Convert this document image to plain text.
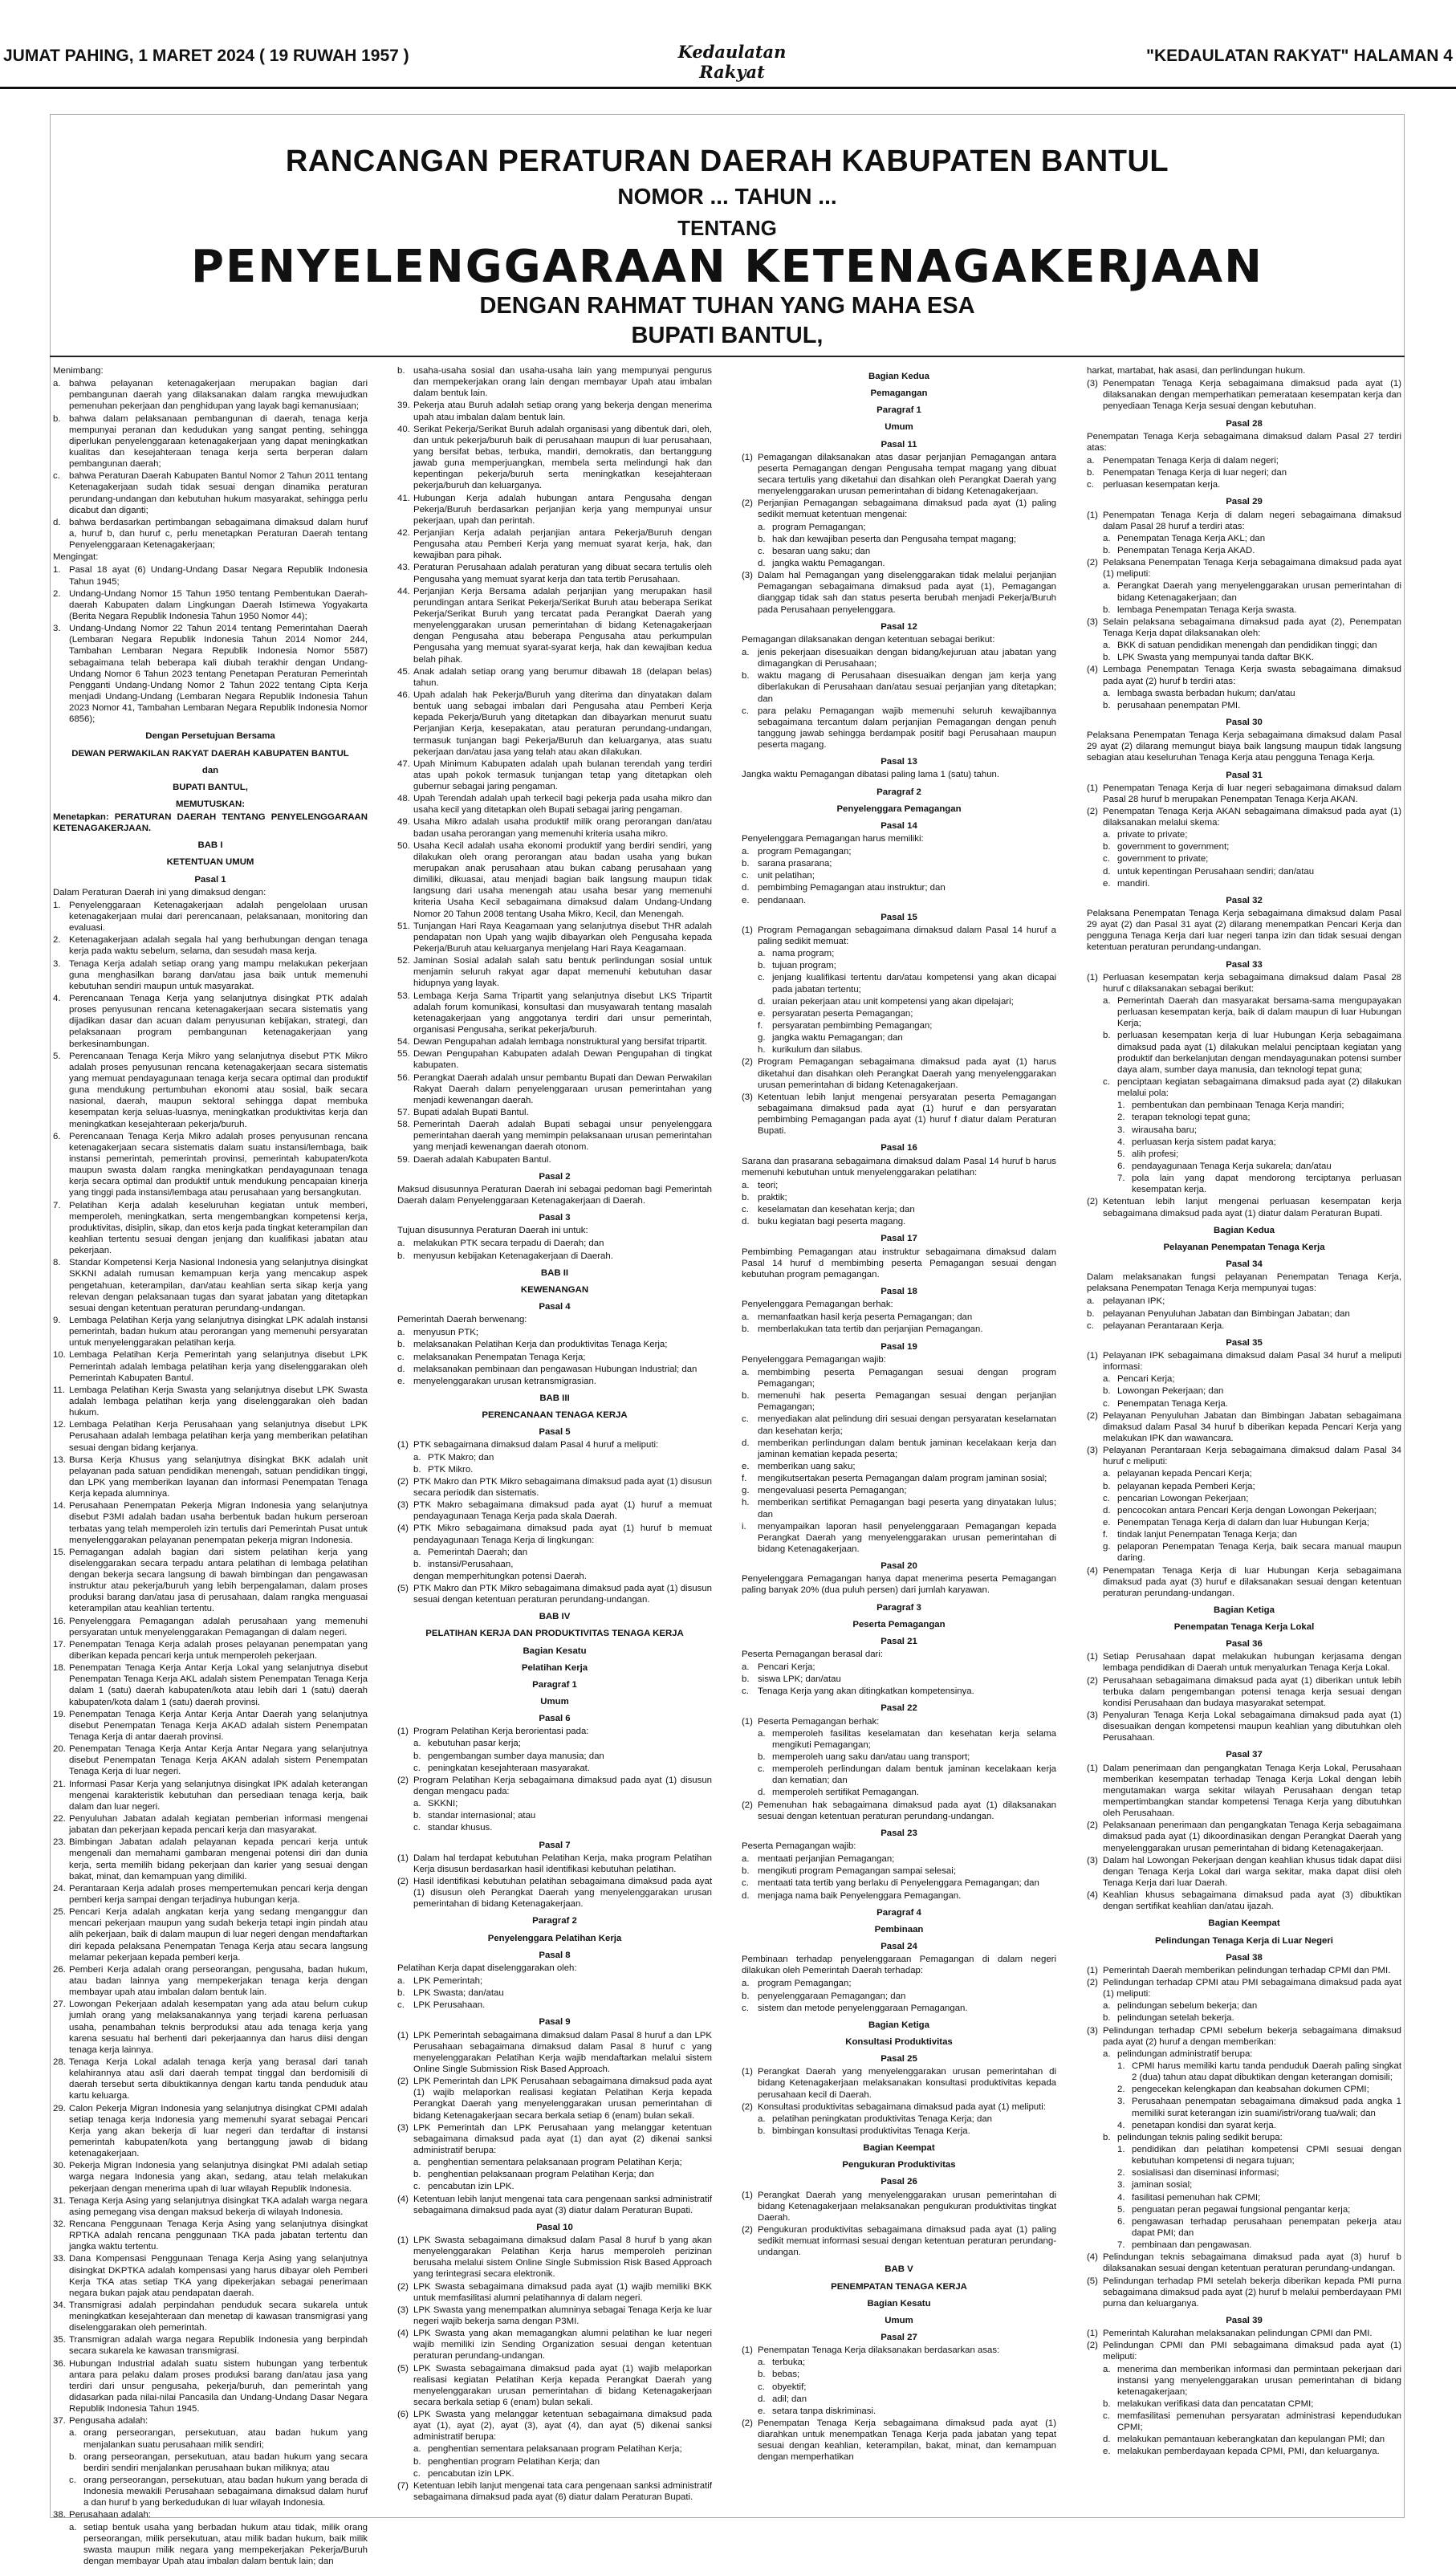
JUMAT PAHING, 1 MARET 2024 ( 19 RUWAH 1957 )	Kedaulatan Rakyat
"KEDAULATAN RAKYAT" HALAMAN 4
RANCANGAN PERATURAN DAERAH KABUPATEN BANTUL
NOMOR ... TAHUN ...
TENTANG
PENYELENGGARAAN KETENAGAKERJAAN
DENGAN RAHMAT TUHAN YANG MAHA ESA
BUPATI BANTUL,

Menimbang:

a. bahwa pelayanan ketenagakerjaan merupakan bagian dari pembangunan daerah yang dilaksanakan dalam rangka mewujudkan pemenuhan pekerjaan dan penghidupan yang layak bagi kemanusiaan;

b. bahwa dalam pelaksanaan pembangunan di daerah, tenaga kerja mempunyai peranan dan kedudukan yang sangat penting, sehingga diperlukan penyelenggaraan ketenagakerjaan yang dapat meningkatkan kualitas dan kesejahteraan tenaga kerja serta berperan dalam pembangunan daerah;

c. bahwa Peraturan Daerah Kabupaten Bantul Nomor 2 Tahun 2011 tentang Ketenagakerjaan sudah tidak sesuai dengan dinamika peraturan perundang-undangan dan kebutuhan hukum masyarakat, sehingga perlu dicabut dan diganti;

d. bahwa berdasarkan pertimbangan sebagaimana dimaksud dalam huruf a, huruf b, dan huruf c, perlu menetapkan Peraturan Daerah tentang Penyelenggaraan Ketenagakerjaan;

Mengingat:

1. Pasal 18 ayat (6) Undang-Undang Dasar Negara Republik Indonesia Tahun 1945;

2. Undang-Undang Nomor 15 Tahun 1950 tentang Pembentukan Daerah-daerah Kabupaten dalam Lingkungan Daerah Istimewa Yogyakarta (Berita Negara Republik Indonesia Tahun 1950 Nomor 44);

3. Undang-Undang Nomor 22 Tahun 2014 tentang Pemerintahan Daerah (Lembaran Negara Republik Indonesia Tahun 2014 Nomor 244, Tambahan Lembaran Negara Republik Indonesia Nomor 5587) sebagaimana telah beberapa kali diubah terakhir dengan Undang-Undang Nomor 6 Tahun 2023 tentang Penetapan Peraturan Pemerintah Pengganti Undang-Undang Nomor 2 Tahun 2022 tentang Cipta Kerja menjadi Undang-Undang (Lembaran Negara Republik Indonesia Tahun 2023 Nomor 41, Tambahan Lembaran Negara Republik Indonesia Nomor 6856);

Dengan Persetujuan Bersama

DEWAN PERWAKILAN RAKYAT DAERAH KABUPATEN BANTUL

dan

BUPATI BANTUL,

MEMUTUSKAN:

Menetapkan: PERATURAN DAERAH TENTANG PENYELENGGARAAN KETENAGAKERJAAN.

BAB I

KETENTUAN UMUM

Pasal 1

Dalam Peraturan Daerah ini yang dimaksud dengan:

1. Penyelenggaraan Ketenagakerjaan adalah pengelolaan urusan ketenagakerjaan mulai dari perencanaan, pelaksanaan, monitoring dan evaluasi.

2. Ketenagakerjaan adalah segala hal yang berhubungan dengan tenaga kerja pada waktu sebelum, selama, dan sesudah masa kerja.

3. Tenaga Kerja adalah setiap orang yang mampu melakukan pekerjaan guna menghasilkan barang dan/atau jasa baik untuk memenuhi kebutuhan sendiri maupun untuk masyarakat.

4. Perencanaan Tenaga Kerja yang selanjutnya disingkat PTK adalah proses penyusunan rencana ketenagakerjaan secara sistematis yang dijadikan dasar dan acuan dalam penyusunan kebijakan, strategi, dan pelaksanaan program pembangunan ketenagakerjaan yang berkesinambungan.

5. Perencanaan Tenaga Kerja Mikro yang selanjutnya disebut PTK Mikro adalah proses penyusunan rencana ketenagakerjaan secara sistematis yang memuat pendayagunaan tenaga kerja secara optimal dan produktif guna mendukung pertumbuhan ekonomi atau sosial, baik secara nasional, daerah, maupun sektoral sehingga dapat membuka kesempatan kerja seluas-luasnya, meningkatkan produktivitas kerja dan meningkatkan kesejahteraan pekerja/buruh.

6. Perencanaan Tenaga Kerja Mikro adalah proses penyusunan rencana ketenagakerjaan secara sistematis dalam suatu instansi/lembaga, baik instansi pemerintah, pemerintah provinsi, pemerintah kabupaten/kota maupun swasta dalam rangka meningkatkan pendayagunaan tenaga kerja secara optimal dan produktif untuk mendukung pencapaian kinerja yang tinggi pada instansi/lembaga atau perusahaan yang bersangkutan.

7. Pelatihan Kerja adalah keseluruhan kegiatan untuk memberi, memperoleh, meningkatkan, serta mengembangkan kompetensi kerja, produktivitas, disiplin, sikap, dan etos kerja pada tingkat keterampilan dan keahlian tertentu sesuai dengan jenjang dan kualifikasi jabatan atau pekerjaan.

8. Standar Kompetensi Kerja Nasional Indonesia yang selanjutnya disingkat SKKNI adalah rumusan kemampuan kerja yang mencakup aspek pengetahuan, keterampilan, dan/atau keahlian serta sikap kerja yang relevan dengan pelaksanaan tugas dan syarat jabatan yang ditetapkan sesuai dengan ketentuan peraturan perundang-undangan.

9. Lembaga Pelatihan Kerja yang selanjutnya disingkat LPK adalah instansi pemerintah, badan hukum atau perorangan yang memenuhi persyaratan untuk menyelenggarakan pelatihan kerja.

10. Lembaga Pelatihan Kerja Pemerintah yang selanjutnya disebut LPK Pemerintah adalah lembaga pelatihan kerja yang diselenggarakan oleh Pemerintah Kabupaten Bantul.

11. Lembaga Pelatihan Kerja Swasta yang selanjutnya disebut LPK Swasta adalah lembaga pelatihan kerja yang diselenggarakan oleh badan hukum.

12. Lembaga Pelatihan Kerja Perusahaan yang selanjutnya disebut LPK Perusahaan adalah lembaga pelatihan kerja yang memberikan pelatihan sesuai dengan bidang kerjanya.

13. Bursa Kerja Khusus yang selanjutnya disingkat BKK adalah unit pelayanan pada satuan pendidikan menengah, satuan pendidikan tinggi, dan LPK yang memberikan layanan dan informasi Penempatan Tenaga Kerja kepada alumninya.

14. Perusahaan Penempatan Pekerja Migran Indonesia yang selanjutnya disebut P3MI adalah badan usaha berbentuk badan hukum perseroan terbatas yang telah memperoleh izin tertulis dari Pemerintah Pusat untuk menyelenggarakan pelayanan penempatan pekerja migran Indonesia.

15. Pemagangan adalah bagian dari sistem pelatihan kerja yang diselenggarakan secara terpadu antara pelatihan di lembaga pelatihan dengan bekerja secara langsung di bawah bimbingan dan pengawasan instruktur atau pekerja/buruh yang lebih berpengalaman, dalam proses produksi barang dan/atau jasa di perusahaan, dalam rangka menguasai keterampilan atau keahlian tertentu.

16. Penyelenggara Pemagangan adalah perusahaan yang memenuhi persyaratan untuk menyelenggarakan Pemagangan di dalam negeri.

17. Penempatan Tenaga Kerja adalah proses pelayanan penempatan yang diberikan kepada pencari kerja untuk memperoleh pekerjaan.

18. Penempatan Tenaga Kerja Antar Kerja Lokal yang selanjutnya disebut Penempatan Tenaga Kerja AKL adalah sistem Penempatan Tenaga Kerja dalam 1 (satu) daerah kabupaten/kota atau lebih dari 1 (satu) daerah kabupaten/kota dalam 1 (satu) daerah provinsi.

19. Penempatan Tenaga Kerja Antar Kerja Antar Daerah yang selanjutnya disebut Penempatan Tenaga Kerja AKAD adalah sistem Penempatan Tenaga Kerja di antar daerah provinsi.

20. Penempatan Tenaga Kerja Antar Kerja Antar Negara yang selanjutnya disebut Penempatan Tenaga Kerja AKAN adalah sistem Penempatan Tenaga Kerja di luar negeri.

21. Informasi Pasar Kerja yang selanjutnya disingkat IPK adalah keterangan mengenai karakteristik kebutuhan dan persediaan tenaga kerja, baik dalam dan luar negeri.

22. Penyuluhan Jabatan adalah kegiatan pemberian informasi mengenai jabatan dan pekerjaan kepada pencari kerja dan masyarakat.

23. Bimbingan Jabatan adalah pelayanan kepada pencari kerja untuk mengenali dan memahami gambaran mengenai potensi diri dan dunia kerja, serta memilih bidang pekerjaan dan karier yang sesuai dengan bakat, minat, dan kemampuan yang dimiliki.

24. Perantaraan Kerja adalah proses mempertemukan pencari kerja dengan pemberi kerja sampai dengan terjadinya hubungan kerja.

25. Pencari Kerja adalah angkatan kerja yang sedang menganggur dan mencari pekerjaan maupun yang sudah bekerja tetapi ingin pindah atau alih pekerjaan, baik di dalam maupun di luar negeri dengan mendaftarkan diri kepada pelaksana Penempatan Tenaga Kerja atau secara langsung melamar pekerjaan kepada pemberi kerja.

26. Pemberi Kerja adalah orang perseorangan, pengusaha, badan hukum, atau badan lainnya yang mempekerjakan tenaga kerja dengan membayar upah atau imbalan dalam bentuk lain.

27. Lowongan Pekerjaan adalah kesempatan yang ada atau belum cukup jumlah orang yang melaksanakannya yang terjadi karena perluasan usaha, penambahan teknis berproduksi atau ada tenaga kerja yang karena sesuatu hal berhenti dari pekerjaannya dan harus diisi dengan tenaga kerja lainnya.

28. Tenaga Kerja Lokal adalah tenaga kerja yang berasal dari tanah kelahirannya atau asli dari daerah tempat tinggal dan berdomisili di daerah tersebut serta dibuktikannya dengan kartu tanda penduduk atau kartu keluarga.

29. Calon Pekerja Migran Indonesia yang selanjutnya disingkat CPMI adalah setiap tenaga kerja Indonesia yang memenuhi syarat sebagai Pencari Kerja yang akan bekerja di luar negeri dan terdaftar di instansi pemerintah kabupaten/kota yang bertanggung jawab di bidang ketenagakerjaan.

30. Pekerja Migran Indonesia yang selanjutnya disingkat PMI adalah setiap warga negara Indonesia yang akan, sedang, atau telah melakukan pekerjaan dengan menerima upah di luar wilayah Republik Indonesia.

31. Tenaga Kerja Asing yang selanjutnya disingkat TKA adalah warga negara asing pemegang visa dengan maksud bekerja di wilayah Indonesia.

32. Rencana Penggunaan Tenaga Kerja Asing yang selanjutnya disingkat RPTKA adalah rencana penggunaan TKA pada jabatan tertentu dan jangka waktu tertentu.

33. Dana Kompensasi Penggunaan Tenaga Kerja Asing yang selanjutnya disingkat DKPTKA adalah kompensasi yang harus dibayar oleh Pemberi Kerja TKA atas setiap TKA yang dipekerjakan sebagai penerimaan negara bukan pajak atau pendapatan daerah.

34. Transmigrasi adalah perpindahan penduduk secara sukarela untuk meningkatkan kesejahteraan dan menetap di kawasan transmigrasi yang diselenggarakan oleh pemerintah.

35. Transmigran adalah warga negara Republik Indonesia yang berpindah secara sukarela ke kawasan transmigrasi.

36. Hubungan Industrial adalah suatu sistem hubungan yang terbentuk antara para pelaku dalam proses produksi barang dan/atau jasa yang terdiri dari unsur pengusaha, pekerja/buruh, dan pemerintah yang didasarkan pada nilai-nilai Pancasila dan Undang-Undang Dasar Negara Republik Indonesia Tahun 1945.

37. Pengusaha adalah:

a. orang perseorangan, persekutuan, atau badan hukum yang menjalankan suatu perusahaan milik sendiri;

b. orang perseorangan, persekutuan, atau badan hukum yang secara berdiri sendiri menjalankan perusahaan bukan miliknya; atau

c. orang perseorangan, persekutuan, atau badan hukum yang berada di Indonesia mewakili Perusahaan sebagaimana dimaksud dalam huruf a dan huruf b yang berkedudukan di luar wilayah Indonesia.

38. Perusahaan adalah:

a. setiap bentuk usaha yang berbadan hukum atau tidak, milik orang perseorangan, milik persekutuan, atau milik badan hukum, baik milik swasta maupun milik negara yang mempekerjakan Pekerja/Buruh dengan membayar Upah atau imbalan dalam bentuk lain; dan

b. usaha-usaha sosial dan usaha-usaha lain yang mempunyai pengurus dan mempekerjakan orang lain dengan membayar Upah atau imbalan dalam bentuk lain.

39. Pekerja atau Buruh adalah setiap orang yang bekerja dengan menerima upah atau imbalan dalam bentuk lain.

40. Serikat Pekerja/Serikat Buruh adalah organisasi yang dibentuk dari, oleh, dan untuk pekerja/buruh baik di perusahaan maupun di luar perusahaan, yang bersifat bebas, terbuka, mandiri, demokratis, dan bertanggung jawab guna memperjuangkan, membela serta melindungi hak dan kepentingan pekerja/buruh serta meningkatkan kesejahteraan pekerja/buruh dan keluarganya.

41. Hubungan Kerja adalah hubungan antara Pengusaha dengan Pekerja/Buruh berdasarkan perjanjian kerja yang mempunyai unsur pekerjaan, upah dan perintah.

42. Perjanjian Kerja adalah perjanjian antara Pekerja/Buruh dengan Pengusaha atau Pemberi Kerja yang memuat syarat kerja, hak, dan kewajiban para pihak.

43. Peraturan Perusahaan adalah peraturan yang dibuat secara tertulis oleh Pengusaha yang memuat syarat kerja dan tata tertib Perusahaan.

44. Perjanjian Kerja Bersama adalah perjanjian yang merupakan hasil perundingan antara Serikat Pekerja/Serikat Buruh atau beberapa Serikat Pekerja/Serikat Buruh yang tercatat pada Perangkat Daerah yang menyelenggarakan urusan pemerintahan di bidang Ketenagakerjaan dengan Pengusaha atau beberapa Pengusaha atau perkumpulan Pengusaha yang memuat syarat-syarat kerja, hak dan kewajiban kedua belah pihak.

45. Anak adalah setiap orang yang berumur dibawah 18 (delapan belas) tahun.

46. Upah adalah hak Pekerja/Buruh yang diterima dan dinyatakan dalam bentuk uang sebagai imbalan dari Pengusaha atau Pemberi Kerja kepada Pekerja/Buruh yang ditetapkan dan dibayarkan menurut suatu Perjanjian Kerja, kesepakatan, atau peraturan perundang-undangan, termasuk tunjangan bagi Pekerja/Buruh dan keluarganya, atas suatu pekerjaan dan/atau jasa yang telah atau akan dilakukan.

47. Upah Minimum Kabupaten adalah upah bulanan terendah yang terdiri atas upah pokok termasuk tunjangan tetap yang ditetapkan oleh gubernur sebagai jaring pengaman.

48. Upah Terendah adalah upah terkecil bagi pekerja pada usaha mikro dan usaha kecil yang ditetapkan oleh Bupati sebagai jaring pengaman.

49. Usaha Mikro adalah usaha produktif milik orang perorangan dan/atau badan usaha perorangan yang memenuhi kriteria usaha mikro.

50. Usaha Kecil adalah usaha ekonomi produktif yang berdiri sendiri, yang dilakukan oleh orang perorangan atau badan usaha yang bukan merupakan anak perusahaan atau bukan cabang perusahaan yang dimiliki, dikuasai, atau menjadi bagian baik langsung maupun tidak langsung dari usaha menengah atau usaha besar yang memenuhi kriteria Usaha Kecil sebagaimana dimaksud dalam Undang-Undang Nomor 20 Tahun 2008 tentang Usaha Mikro, Kecil, dan Menengah.

51. Tunjangan Hari Raya Keagamaan yang selanjutnya disebut THR adalah pendapatan non Upah yang wajib dibayarkan oleh Pengusaha kepada Pekerja/Buruh atau keluarganya menjelang Hari Raya Keagamaan.

52. Jaminan Sosial adalah salah satu bentuk perlindungan sosial untuk menjamin seluruh rakyat agar dapat memenuhi kebutuhan dasar hidupnya yang layak.

53. Lembaga Kerja Sama Tripartit yang selanjutnya disebut LKS Tripartit adalah forum komunikasi, konsultasi dan musyawarah tentang masalah ketenagakerjaan yang anggotanya terdiri dari unsur pemerintah, organisasi Pengusaha, serikat pekerja/buruh.

54. Dewan Pengupahan adalah lembaga nonstruktural yang bersifat tripartit.

55. Dewan Pengupahan Kabupaten adalah Dewan Pengupahan di tingkat kabupaten.

56. Perangkat Daerah adalah unsur pembantu Bupati dan Dewan Perwakilan Rakyat Daerah dalam penyelenggaraan urusan pemerintahan yang menjadi kewenangan daerah.

57. Bupati adalah Bupati Bantul.

58. Pemerintah Daerah adalah Bupati sebagai unsur penyelenggara pemerintahan daerah yang memimpin pelaksanaan urusan pemerintahan yang menjadi kewenangan daerah otonom.

59. Daerah adalah Kabupaten Bantul.

Pasal 2

Maksud disusunnya Peraturan Daerah ini sebagai pedoman bagi Pemerintah Daerah dalam Penyelenggaraan Ketenagakerjaan di Daerah.

Pasal 3

Tujuan disusunnya Peraturan Daerah ini untuk:

a. melakukan PTK secara terpadu di Daerah; dan

b. menyusun kebijakan Ketenagakerjaan di Daerah.

BAB II

KEWENANGAN

Pasal 4

Pemerintah Daerah berwenang:

a. menyusun PTK;

b. melaksanakan Pelatihan Kerja dan produktivitas Tenaga Kerja;

c. melaksanakan Penempatan Tenaga Kerja;

d. melaksanakan pembinaan dan pengawasan Hubungan Industrial; dan

e. menyelenggarakan urusan ketransmigrasian.

BAB III

PERENCANAAN TENAGA KERJA

Pasal 5

(1) PTK sebagaimana dimaksud dalam Pasal 4 huruf a meliputi:

a. PTK Makro; dan

b. PTK Mikro.

(2) PTK Makro dan PTK Mikro sebagaimana dimaksud pada ayat (1) disusun secara periodik dan sistematis.

(3) PTK Makro sebagaimana dimaksud pada ayat (1) huruf a memuat pendayagunaan Tenaga Kerja pada skala Daerah.

(4) PTK Mikro sebagaimana dimaksud pada ayat (1) huruf b memuat pendayagunaan Tenaga Kerja di lingkungan:

a. Pemerintah Daerah; dan

b. instansi/Perusahaan,

dengan memperhitungkan potensi Daerah.

(5) PTK Makro dan PTK Mikro sebagaimana dimaksud pada ayat (1) disusun sesuai dengan ketentuan peraturan perundang-undangan.

BAB IV

PELATIHAN KERJA DAN PRODUKTIVITAS TENAGA KERJA

Bagian Kesatu

Pelatihan Kerja

Paragraf 1

Umum

Pasal 6

(1) Program Pelatihan Kerja berorientasi pada:

a. kebutuhan pasar kerja;

b. pengembangan sumber daya manusia; dan

c. peningkatan kesejahteraan masyarakat.

(2) Program Pelatihan Kerja sebagaimana dimaksud pada ayat (1) disusun dengan mengacu pada:

a. SKKNI;

b. standar internasional; atau

c. standar khusus.

Pasal 7

(1) Dalam hal terdapat kebutuhan Pelatihan Kerja, maka program Pelatihan Kerja disusun berdasarkan hasil identifikasi kebutuhan pelatihan.

(2) Hasil identifikasi kebutuhan pelatihan sebagaimana dimaksud pada ayat (1) disusun oleh Perangkat Daerah yang menyelenggarakan urusan pemerintahan di bidang Ketenagakerjaan.

Paragraf 2

Penyelenggara Pelatihan Kerja

Pasal 8

Pelatihan Kerja dapat diselenggarakan oleh:

a. LPK Pemerintah;

b. LPK Swasta; dan/atau

c. LPK Perusahaan.

Pasal 9

(1) LPK Pemerintah sebagaimana dimaksud dalam Pasal 8 huruf a dan LPK Perusahaan sebagaimana dimaksud dalam Pasal 8 huruf c yang menyelenggarakan Pelatihan Kerja wajib mendaftarkan melalui sistem Online Single Submission Risk Based Approach.

(2) LPK Pemerintah dan LPK Perusahaan sebagaimana dimaksud pada ayat (1) wajib melaporkan realisasi kegiatan Pelatihan Kerja kepada Perangkat Daerah yang menyelenggarakan urusan pemerintahan di bidang Ketenagakerjaan secara berkala setiap 6 (enam) bulan sekali.

(3) LPK Pemerintah dan LPK Perusahaan yang melanggar ketentuan sebagaimana dimaksud pada ayat (1) dan ayat (2) dikenai sanksi administratif berupa:

a. penghentian sementara pelaksanaan program Pelatihan Kerja;

b. penghentian pelaksanaan program Pelatihan Kerja; dan

c. pencabutan izin LPK.

(4) Ketentuan lebih lanjut mengenai tata cara pengenaan sanksi administratif sebagaimana dimaksud pada ayat (3) diatur dalam Peraturan Bupati.

Pasal 10

(1) LPK Swasta sebagaimana dimaksud dalam Pasal 8 huruf b yang akan menyelenggarakan Pelatihan Kerja harus memperoleh perizinan berusaha melalui sistem Online Single Submission Risk Based Approach yang terintegrasi secara elektronik.

(2) LPK Swasta sebagaimana dimaksud pada ayat (1) wajib memiliki BKK untuk memfasilitasi alumni pelatihannya di dalam negeri.

(3) LPK Swasta yang menempatkan alumninya sebagai Tenaga Kerja ke luar negeri wajib bekerja sama dengan P3MI.

(4) LPK Swasta yang akan memagangkan alumni pelatihan ke luar negeri wajib memiliki izin Sending Organization sesuai dengan ketentuan peraturan perundang-undangan.

(5) LPK Swasta sebagaimana dimaksud pada ayat (1) wajib melaporkan realisasi kegiatan Pelatihan Kerja kepada Perangkat Daerah yang menyelenggarakan urusan pemerintahan di bidang Ketenagakerjaan secara berkala setiap 6 (enam) bulan sekali.

(6) LPK Swasta yang melanggar ketentuan sebagaimana dimaksud pada ayat (1), ayat (2), ayat (3), ayat (4), dan ayat (5) dikenai sanksi administratif berupa:

a. penghentian sementara pelaksanaan program Pelatihan Kerja;

b. penghentian program Pelatihan Kerja; dan

c. pencabutan izin LPK.

(7) Ketentuan lebih lanjut mengenai tata cara pengenaan sanksi administratif sebagaimana dimaksud pada ayat (6) diatur dalam Peraturan Bupati.

Bagian Kedua

Pemagangan

Paragraf 1

Umum

Pasal 11

(1) Pemagangan dilaksanakan atas dasar perjanjian Pemagangan antara peserta Pemagangan dengan Pengusaha tempat magang yang dibuat secara tertulis yang diketahui dan disahkan oleh Perangkat Daerah yang menyelenggarakan urusan pemerintahan di bidang Ketenagakerjaan.

(2) Perjanjian Pemagangan sebagaimana dimaksud pada ayat (1) paling sedikit memuat ketentuan mengenai:

a. program Pemagangan;

b. hak dan kewajiban peserta dan Pengusaha tempat magang;

c. besaran uang saku; dan

d. jangka waktu Pemagangan.

(3) Dalam hal Pemagangan yang diselenggarakan tidak melalui perjanjian Pemagangan sebagaimana dimaksud pada ayat (1), Pemagangan dianggap tidak sah dan status peserta berubah menjadi Pekerja/Buruh pada Perusahaan penyelenggara.

Pasal 12

Pemagangan dilaksanakan dengan ketentuan sebagai berikut:

a. jenis pekerjaan disesuaikan dengan bidang/kejuruan atau jabatan yang dimagangkan di Perusahaan;

b. waktu magang di Perusahaan disesuaikan dengan jam kerja yang diberlakukan di Perusahaan dan/atau sesuai perjanjian yang ditetapkan; dan

c. para pelaku Pemagangan wajib memenuhi seluruh kewajibannya sebagaimana tercantum dalam perjanjian Pemagangan dengan penuh tanggung jawab sehingga berdampak positif bagi Perusahaan maupun peserta magang.

Pasal 13

Jangka waktu Pemagangan dibatasi paling lama 1 (satu) tahun.

Paragraf 2

Penyelenggara Pemagangan

Pasal 14

Penyelenggara Pemagangan harus memiliki:

a. program Pemagangan;

b. sarana prasarana;

c. unit pelatihan;

d. pembimbing Pemagangan atau instruktur; dan

e. pendanaan.

Pasal 15

(1) Program Pemagangan sebagaimana dimaksud dalam Pasal 14 huruf a paling sedikit memuat:

a. nama program;

b. tujuan program;

c. jenjang kualifikasi tertentu dan/atau kompetensi yang akan dicapai pada jabatan tertentu;

d. uraian pekerjaan atau unit kompetensi yang akan dipelajari;

e. persyaratan peserta Pemagangan;

f. persyaratan pembimbing Pemagangan;

g. jangka waktu Pemagangan; dan

h. kurikulum dan silabus.

(2) Program Pemagangan sebagaimana dimaksud pada ayat (1) harus diketahui dan disahkan oleh Perangkat Daerah yang menyelenggarakan urusan pemerintahan di bidang Ketenagakerjaan.

(3) Ketentuan lebih lanjut mengenai persyaratan peserta Pemagangan sebagaimana dimaksud pada ayat (1) huruf e dan persyaratan pembimbing Pemagangan pada ayat (1) huruf f diatur dalam Peraturan Bupati.

Pasal 16

Sarana dan prasarana sebagaimana dimaksud dalam Pasal 14 huruf b harus memenuhi kebutuhan untuk menyelenggarakan pelatihan:

a. teori;

b. praktik;

c. keselamatan dan kesehatan kerja; dan

d. buku kegiatan bagi peserta magang.

Pasal 17

Pembimbing Pemagangan atau instruktur sebagaimana dimaksud dalam Pasal 14 huruf d membimbing peserta Pemagangan sesuai dengan kebutuhan program pemagangan.

Pasal 18

Penyelenggara Pemagangan berhak:

a. memanfaatkan hasil kerja peserta Pemagangan; dan

b. memberlakukan tata tertib dan perjanjian Pemagangan.

Pasal 19

Penyelenggara Pemagangan wajib:

a. membimbing peserta Pemagangan sesuai dengan program Pemagangan;

b. memenuhi hak peserta Pemagangan sesuai dengan perjanjian Pemagangan;

c. menyediakan alat pelindung diri sesuai dengan persyaratan keselamatan dan kesehatan kerja;

d. memberikan perlindungan dalam bentuk jaminan kecelakaan kerja dan jaminan kematian kepada peserta;

e. memberikan uang saku;

f. mengikutsertakan peserta Pemagangan dalam program jaminan sosial;

g. mengevaluasi peserta Pemagangan;

h. memberikan sertifikat Pemagangan bagi peserta yang dinyatakan lulus; dan

i. menyampaikan laporan hasil penyelenggaraan Pemagangan kepada Perangkat Daerah yang menyelenggarakan urusan pemerintahan di bidang Ketenagakerjaan.

Pasal 20

Penyelenggara Pemagangan hanya dapat menerima peserta Pemagangan paling banyak 20% (dua puluh persen) dari jumlah karyawan.

Paragraf 3

Peserta Pemagangan

Pasal 21

Peserta Pemagangan berasal dari:

a. Pencari Kerja;

b. siswa LPK; dan/atau

c. Tenaga Kerja yang akan ditingkatkan kompetensinya.

Pasal 22

(1) Peserta Pemagangan berhak:

a. memperoleh fasilitas keselamatan dan kesehatan kerja selama mengikuti Pemagangan;

b. memperoleh uang saku dan/atau uang transport;

c. memperoleh perlindungan dalam bentuk jaminan kecelakaan kerja dan kematian; dan

d. memperoleh sertifikat Pemagangan.

(2) Pemenuhan hak sebagaimana dimaksud pada ayat (1) dilaksanakan sesuai dengan ketentuan peraturan perundang-undangan.

Pasal 23

Peserta Pemagangan wajib:

a. mentaati perjanjian Pemagangan;

b. mengikuti program Pemagangan sampai selesai;

c. mentaati tata tertib yang berlaku di Penyelenggara Pemagangan; dan

d. menjaga nama baik Penyelenggara Pemagangan.

Paragraf 4

Pembinaan

Pasal 24

Pembinaan terhadap penyelenggaraan Pemagangan di dalam negeri dilakukan oleh Pemerintah Daerah terhadap:

a. program Pemagangan;

b. penyelenggaraan Pemagangan; dan

c. sistem dan metode penyelenggaraan Pemagangan.

Bagian Ketiga

Konsultasi Produktivitas

Pasal 25

(1) Perangkat Daerah yang menyelenggarakan urusan pemerintahan di bidang Ketenagakerjaan melaksanakan konsultasi produktivitas kepada perusahaan kecil di Daerah.

(2) Konsultasi produktivitas sebagaimana dimaksud pada ayat (1) meliputi:

a. pelatihan peningkatan produktivitas Tenaga Kerja; dan

b. bimbingan konsultasi produktivitas Tenaga Kerja.

Bagian Keempat

Pengukuran Produktivitas

Pasal 26

(1) Perangkat Daerah yang menyelenggarakan urusan pemerintahan di bidang Ketenagakerjaan melaksanakan pengukuran produktivitas tingkat Daerah.

(2) Pengukuran produktivitas sebagaimana dimaksud pada ayat (1) paling sedikit memuat informasi sesuai dengan ketentuan peraturan perundang-undangan.

BAB V

PENEMPATAN TENAGA KERJA

Bagian Kesatu

Umum

Pasal 27

(1) Penempatan Tenaga Kerja dilaksanakan berdasarkan asas:

a. terbuka;

b. bebas;

c. obyektif;

d. adil; dan

e. setara tanpa diskriminasi.

(2) Penempatan Tenaga Kerja sebagaimana dimaksud pada ayat (1) diarahkan untuk menempatkan Tenaga Kerja pada jabatan yang tepat sesuai dengan keahlian, keterampilan, bakat, minat, dan kemampuan dengan memperhatikan

harkat, martabat, hak asasi, dan perlindungan hukum.

(3) Penempatan Tenaga Kerja sebagaimana dimaksud pada ayat (1) dilaksanakan dengan memperhatikan pemerataan kesempatan kerja dan penyediaan Tenaga Kerja sesuai dengan kebutuhan.

Pasal 28

Penempatan Tenaga Kerja sebagaimana dimaksud dalam Pasal 27 terdiri atas:

a. Penempatan Tenaga Kerja di dalam negeri;

b. Penempatan Tenaga Kerja di luar negeri; dan

c. perluasan kesempatan kerja.

Pasal 29

(1) Penempatan Tenaga Kerja di dalam negeri sebagaimana dimaksud dalam Pasal 28 huruf a terdiri atas:

a. Penempatan Tenaga Kerja AKL; dan

b. Penempatan Tenaga Kerja AKAD.

(2) Pelaksana Penempatan Tenaga Kerja sebagaimana dimaksud pada ayat (1) meliputi:

a. Perangkat Daerah yang menyelenggarakan urusan pemerintahan di bidang Ketenagakerjaan; dan

b. lembaga Penempatan Tenaga Kerja swasta.

(3) Selain pelaksana sebagaimana dimaksud pada ayat (2), Penempatan Tenaga Kerja dapat dilaksanakan oleh:

a. BKK di satuan pendidikan menengah dan pendidikan tinggi; dan

b. LPK Swasta yang mempunyai tanda daftar BKK.

(4) Lembaga Penempatan Tenaga Kerja swasta sebagaimana dimaksud pada ayat (2) huruf b terdiri atas:

a. lembaga swasta berbadan hukum; dan/atau

b. perusahaan penempatan PMI.

Pasal 30

Pelaksana Penempatan Tenaga Kerja sebagaimana dimaksud dalam Pasal 29 ayat (2) dilarang memungut biaya baik langsung maupun tidak langsung sebagian atau keseluruhan Tenaga Kerja atau pengguna Tenaga Kerja.

Pasal 31

(1) Penempatan Tenaga Kerja di luar negeri sebagaimana dimaksud dalam Pasal 28 huruf b merupakan Penempatan Tenaga Kerja AKAN.

(2) Penempatan Tenaga Kerja AKAN sebagaimana dimaksud pada ayat (1) dilaksanakan melalui skema:

a. private to private;

b. government to government;

c. government to private;

d. untuk kepentingan Perusahaan sendiri; dan/atau

e. mandiri.

Pasal 32

Pelaksana Penempatan Tenaga Kerja sebagaimana dimaksud dalam Pasal 29 ayat (2) dan Pasal 31 ayat (2) dilarang menempatkan Pencari Kerja dan pengguna Tenaga Kerja dari luar negeri tanpa izin dan tidak sesuai dengan ketentuan peraturan perundang-undangan.

Pasal 33

(1) Perluasan kesempatan kerja sebagaimana dimaksud dalam Pasal 28 huruf c dilaksanakan sebagai berikut:

a. Pemerintah Daerah dan masyarakat bersama-sama mengupayakan perluasan kesempatan kerja, baik di dalam maupun di luar Hubungan Kerja;

b. perluasan kesempatan kerja di luar Hubungan Kerja sebagaimana dimaksud pada ayat (1) dilakukan melalui penciptaan kegiatan yang produktif dan berkelanjutan dengan mendayagunakan potensi sumber daya alam, sumber daya manusia, dan teknologi tepat guna;

c. penciptaan kegiatan sebagaimana dimaksud pada ayat (2) dilakukan melalui pola:

1. pembentukan dan pembinaan Tenaga Kerja mandiri;

2. terapan teknologi tepat guna;

3. wirausaha baru;

4. perluasan kerja sistem padat karya;

5. alih profesi;

6. pendayagunaan Tenaga Kerja sukarela; dan/atau

7. pola lain yang dapat mendorong terciptanya perluasan kesempatan kerja.

(2) Ketentuan lebih lanjut mengenai perluasan kesempatan kerja sebagaimana dimaksud pada ayat (1) diatur dalam Peraturan Bupati.

Bagian Kedua

Pelayanan Penempatan Tenaga Kerja

Pasal 34

Dalam melaksanakan fungsi pelayanan Penempatan Tenaga Kerja, pelaksana Penempatan Tenaga Kerja mempunyai tugas:

a. pelayanan IPK;

b. pelayanan Penyuluhan Jabatan dan Bimbingan Jabatan; dan

c. pelayanan Perantaraan Kerja.

Pasal 35

(1) Pelayanan IPK sebagaimana dimaksud dalam Pasal 34 huruf a meliputi informasi:

a. Pencari Kerja;

b. Lowongan Pekerjaan; dan

c. Penempatan Tenaga Kerja.

(2) Pelayanan Penyuluhan Jabatan dan Bimbingan Jabatan sebagaimana dimaksud dalam Pasal 34 huruf b diberikan kepada Pencari Kerja yang melakukan IPK dan wawancara.

(3) Pelayanan Perantaraan Kerja sebagaimana dimaksud dalam Pasal 34 huruf c meliputi:

a. pelayanan kepada Pencari Kerja;

b. pelayanan kepada Pemberi Kerja;

c. pencarian Lowongan Pekerjaan;

d. pencocokan antara Pencari Kerja dengan Lowongan Pekerjaan;

e. Penempatan Tenaga Kerja di dalam dan luar Hubungan Kerja;

f. tindak lanjut Penempatan Tenaga Kerja; dan

g. pelaporan Penempatan Tenaga Kerja, baik secara manual maupun daring.

(4) Penempatan Tenaga Kerja di luar Hubungan Kerja sebagaimana dimaksud pada ayat (3) huruf e dilaksanakan sesuai dengan ketentuan peraturan perundang-undangan.

Bagian Ketiga

Penempatan Tenaga Kerja Lokal

Pasal 36

(1) Setiap Perusahaan dapat melakukan hubungan kerjasama dengan lembaga pendidikan di Daerah untuk menyalurkan Tenaga Kerja Lokal.

(2) Perusahaan sebagaimana dimaksud pada ayat (1) diberikan untuk lebih terbuka dalam pengembangan potensi tenaga kerja sesuai dengan kondisi Perusahaan dan budaya masyarakat setempat.

(3) Penyaluran Tenaga Kerja Lokal sebagaimana dimaksud pada ayat (1) disesuaikan dengan kompetensi maupun keahlian yang dibutuhkan oleh Perusahaan.

Pasal 37

(1) Dalam penerimaan dan pengangkatan Tenaga Kerja Lokal, Perusahaan memberikan kesempatan terhadap Tenaga Kerja Lokal dengan lebih mengutamakan warga sekitar wilayah Perusahaan dengan tetap mempertimbangkan standar kompetensi Tenaga Kerja yang dibutuhkan oleh Perusahaan.

(2) Pelaksanaan penerimaan dan pengangkatan Tenaga Kerja sebagaimana dimaksud pada ayat (1) dikoordinasikan dengan Perangkat Daerah yang menyelenggarakan urusan pemerintahan di bidang Ketenagakerjaan.

(3) Dalam hal Lowongan Pekerjaan dengan keahlian khusus tidak dapat diisi dengan Tenaga Kerja Lokal dari warga sekitar, maka dapat diisi oleh Tenaga Kerja dari luar Daerah.

(4) Keahlian khusus sebagaimana dimaksud pada ayat (3) dibuktikan dengan sertifikat keahlian dan/atau ijazah.

Bagian Keempat

Pelindungan Tenaga Kerja di Luar Negeri

Pasal 38

(1) Pemerintah Daerah memberikan pelindungan terhadap CPMI dan PMI.

(2) Pelindungan terhadap CPMI atau PMI sebagaimana dimaksud pada ayat (1) meliputi:

a. pelindungan sebelum bekerja; dan

b. pelindungan setelah bekerja.

(3) Pelindungan terhadap CPMI sebelum bekerja sebagaimana dimaksud pada ayat (2) huruf a dengan memberikan:

a. pelindungan administratif berupa:

1. CPMI harus memiliki kartu tanda penduduk Daerah paling singkat 2 (dua) tahun atau dapat dibuktikan dengan keterangan domisili;

2. pengecekan kelengkapan dan keabsahan dokumen CPMI;

3. Perusahaan penempatan sebagaimana dimaksud pada angka 1 memiliki surat keterangan izin suami/istri/orang tua/wali; dan

4. penetapan kondisi dan syarat kerja.

b. pelindungan teknis paling sedikit berupa:

1. pendidikan dan pelatihan kompetensi CPMI sesuai dengan kebutuhan kompetensi di negara tujuan;

2. sosialisasi dan diseminasi informasi;

3. jaminan sosial;

4. fasilitasi pemenuhan hak CPMI;

5. penguatan peran pegawai fungsional pengantar kerja;

6. pengawasan terhadap perusahaan penempatan pekerja atau dapat PMI; dan

7. pembinaan dan pengawasan.

(4) Pelindungan teknis sebagaimana dimaksud pada ayat (3) huruf b dilaksanakan sesuai dengan ketentuan peraturan perundang-undangan.

(5) Pelindungan terhadap PMI setelah bekerja diberikan kepada PMI purna sebagaimana dimaksud pada ayat (2) huruf b melalui pemberdayaan PMI purna dan keluarganya.

Pasal 39

(1) Pemerintah Kalurahan melaksanakan pelindungan CPMI dan PMI.

(2) Pelindungan CPMI dan PMI sebagaimana dimaksud pada ayat (1) meliputi:

a. menerima dan memberikan informasi dan permintaan pekerjaan dari instansi yang menyelenggarakan urusan pemerintahan di bidang ketenagakerjaan;

b. melakukan verifikasi data dan pencatatan CPMI;

c. memfasilitasi pemenuhan persyaratan administrasi kependudukan CPMI;

d. melakukan pemantauan keberangkatan dan kepulangan PMI; dan

e. melakukan pemberdayaan kepada CPMI, PMI, dan keluarganya.
